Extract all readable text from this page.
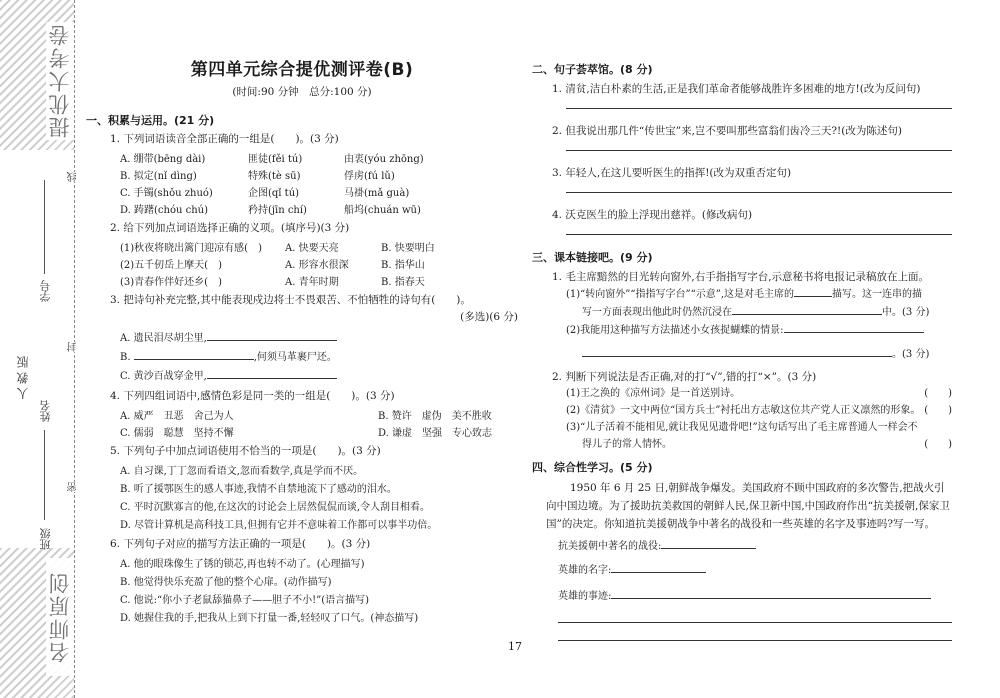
提优大考卷
名师原创
人 教 版
学号
姓名
班级
线
封
密
第四单元综合提优测评卷(B)
(时间:90 分钟　总分:100 分)
一、积累与运用。(21 分)
1. 下列词语读音全部正确的一组是(　　)。(3 分)
A. 绷带(bēng dài)	匪徒(fěi tú)	由衷(yóu zhōng)
B. 拟定(nǐ dìng)	特殊(tè sū)	俘虏(fú lǔ)
C. 手镯(shǒu zhuó)	企图(qǐ tú)	马褂(mǎ guà)
D. 踌躇(chóu chú)	矜持(jīn chí)	船坞(chuán wū)
2. 给下列加点词语选择正确的义项。(填序号)(3 分)
(1)秋夜将晓出篱门迎凉有感(　)	A. 快要天亮	B. 快要明白
(2)五千仞岳上摩天(　)	A. 形容水很深	B. 指华山
(3)青春作伴好还乡(　)	A. 青年时期	B. 指春天
3. 把诗句补充完整,其中能表现戍边将士不畏艰苦、不怕牺牲的诗句有(　　)。
(多选)(6 分)
A. 遗民泪尽胡尘里,
B.	,何须马革裹尸还。
C. 黄沙百战穿金甲,
4. 下列四组词语中,感情色彩是同一类的一组是(　　)。(3 分)
A. 威严　丑恶　舍己为人	B. 赞许　虚伪　美不胜收
C. 儒弱　聪慧　坚持不懈	D. 谦虚　坚强　专心致志
5. 下列句子中加点词语使用不恰当的一项是(　　)。(3 分)
A. 自习课,丁丁忽而看语文,忽而看数学,真是学而不厌。
B. 听了援鄂医生的感人事迹,我情不自禁地流下了感动的泪水。
C. 平时沉默寡言的他,在这次的讨论会上居然侃侃而谈,令人刮目相看。
D. 尽管计算机是高科技工具,但拥有它并不意味着工作都可以事半功倍。
6. 下列句子对应的描写方法正确的一项是(　　)。(3 分)
A. 他的眼珠像生了锈的锁芯,再也转不动了。(心理描写)
B. 他觉得快乐充盈了他的整个心扉。(动作描写)
C. 他说:“你小子老鼠舔猫鼻子——胆子不小!”(语言描写)
D. 她握住我的手,把我从上到下打量一番,轻轻叹了口气。(神态描写)
二、句子荟萃馆。(8 分)
1. 清贫,洁白朴素的生活,正是我们革命者能够战胜许多困难的地方!(改为反问句)
2. 但我说出那几件“传世宝”来,岂不要叫那些富翁们齿冷三天?!(改为陈述句)
3. 年轻人,在这儿要听医生的指挥!(改为双重否定句)
4. 沃克医生的脸上浮现出慈祥。(修改病句)
三、课本链接吧。(9 分)
1. 毛主席黯然的目光转向窗外,右手指指写字台,示意秘书将电报记录稿放在上面。
(1)“转向窗外”“指指写字台”“示意”,这是对毛主席的	描写。这一连串的描
写一方面表现出他此时仍然沉浸在	中。(3 分)
(2)我能用这种描写方法描述小女孩捉蝴蝶的情景:
。(3 分)
2. 判断下列说法是否正确,对的打“√”,错的打“×”。(3 分)
(1)王之涣的《凉州词》是一首送别诗。	(　　)
(2)《清贫》一文中两位“国方兵士”衬托出方志敏这位共产党人正义凛然的形象。 (　　)
(3)“儿子活着不能相见,就让我见见遗骨吧!”这句话写出了毛主席普通人一样会不
得儿子的常人情怀。	(　　)
四、综合性学习。(5 分)
1950 年 6 月 25 日,朝鲜战争爆发。美国政府不顾中国政府的多次警告,把战火引向中国边境。为了援助抗美救国的朝鲜人民,保卫新中国,中国政府作出“抗美援朝,保家卫国”的决定。你知道抗美援朝战争中著名的战役和一些英雄的名字及事迹吗?写一写。
抗美援朝中著名的战役:
英雄的名字:
英雄的事迹:
17
